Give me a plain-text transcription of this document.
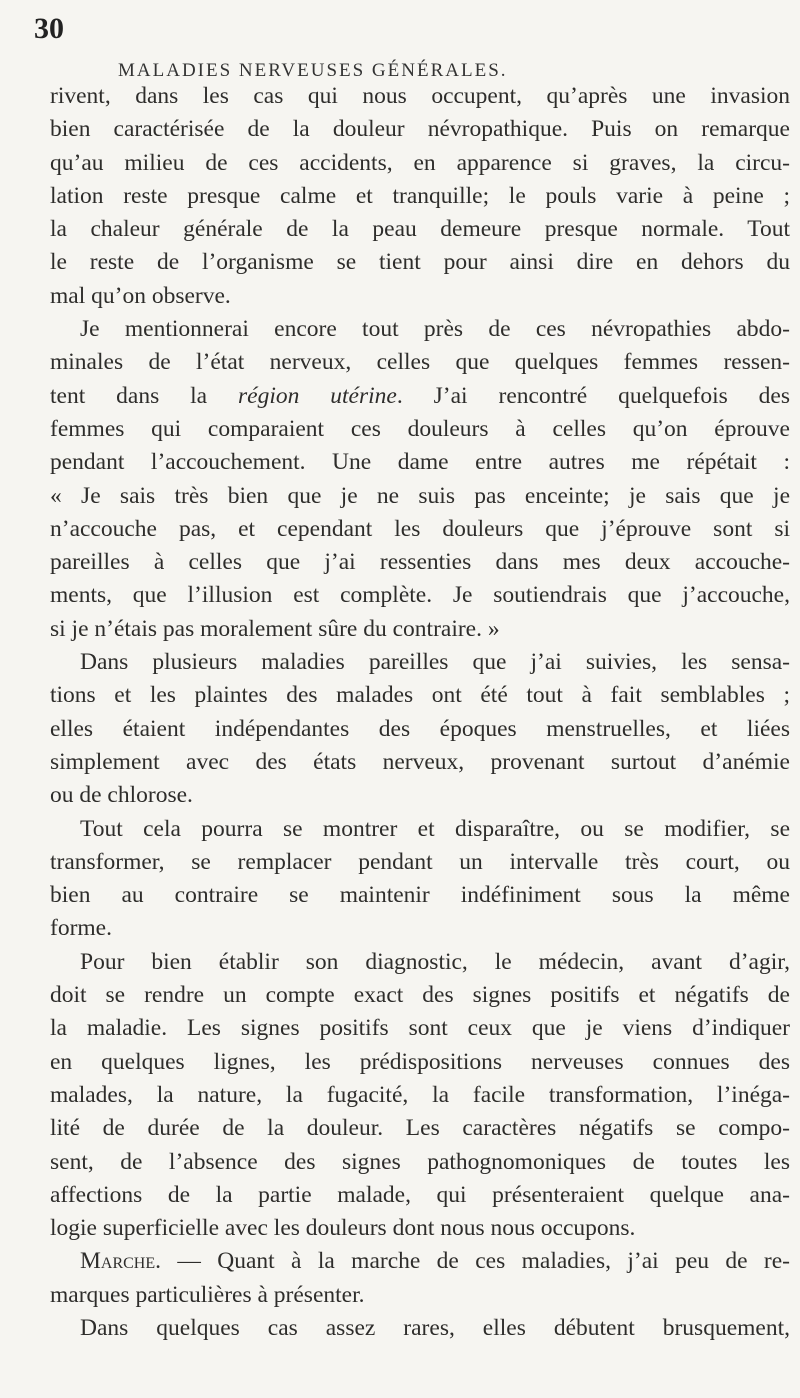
30
MALADIES NERVEUSES GÉNÉRALES.
rivent, dans les cas qui nous occupent, qu’après une invasion
bien caractérisée de la douleur névropathique. Puis on remarque
qu’au milieu de ces accidents, en apparence si graves, la circu-
lation reste presque calme et tranquille; le pouls varie à peine ;
la chaleur générale de la peau demeure presque normale. Tout
le reste de l’organisme se tient pour ainsi dire en dehors du
mal qu’on observe.
Je mentionnerai encore tout près de ces névropathies abdo-
minales de l’état nerveux, celles que quelques femmes ressen-
tent dans la région utérine. J’ai rencontré quelquefois des
femmes qui comparaient ces douleurs à celles qu’on éprouve
pendant l’accouchement. Une dame entre autres me répétait :
« Je sais très bien que je ne suis pas enceinte; je sais que je
n’accouche pas, et cependant les douleurs que j’éprouve sont si
pareilles à celles que j’ai ressenties dans mes deux accouche-
ments, que l’illusion est complète. Je soutiendrais que j’accouche,
si je n’étais pas moralement sûre du contraire. »
Dans plusieurs maladies pareilles que j’ai suivies, les sensa-
tions et les plaintes des malades ont été tout à fait semblables ;
elles étaient indépendantes des époques menstruelles, et liées
simplement avec des états nerveux, provenant surtout d’anémie
ou de chlorose.
Tout cela pourra se montrer et disparaître, ou se modifier, se
transformer, se remplacer pendant un intervalle très court, ou
bien au contraire se maintenir indéfiniment sous la même
forme.
Pour bien établir son diagnostic, le médecin, avant d’agir,
doit se rendre un compte exact des signes positifs et négatifs de
la maladie. Les signes positifs sont ceux que je viens d’indiquer
en quelques lignes, les prédispositions nerveuses connues des
malades, la nature, la fugacité, la facile transformation, l’inéga-
lité de durée de la douleur. Les caractères négatifs se compo-
sent, de l’absence des signes pathognomoniques de toutes les
affections de la partie malade, qui présenteraient quelque ana-
logie superficielle avec les douleurs dont nous nous occupons.
Marche. — Quant à la marche de ces maladies, j’ai peu de re-
marques particulières à présenter.
Dans quelques cas assez rares, elles débutent brusquement,
